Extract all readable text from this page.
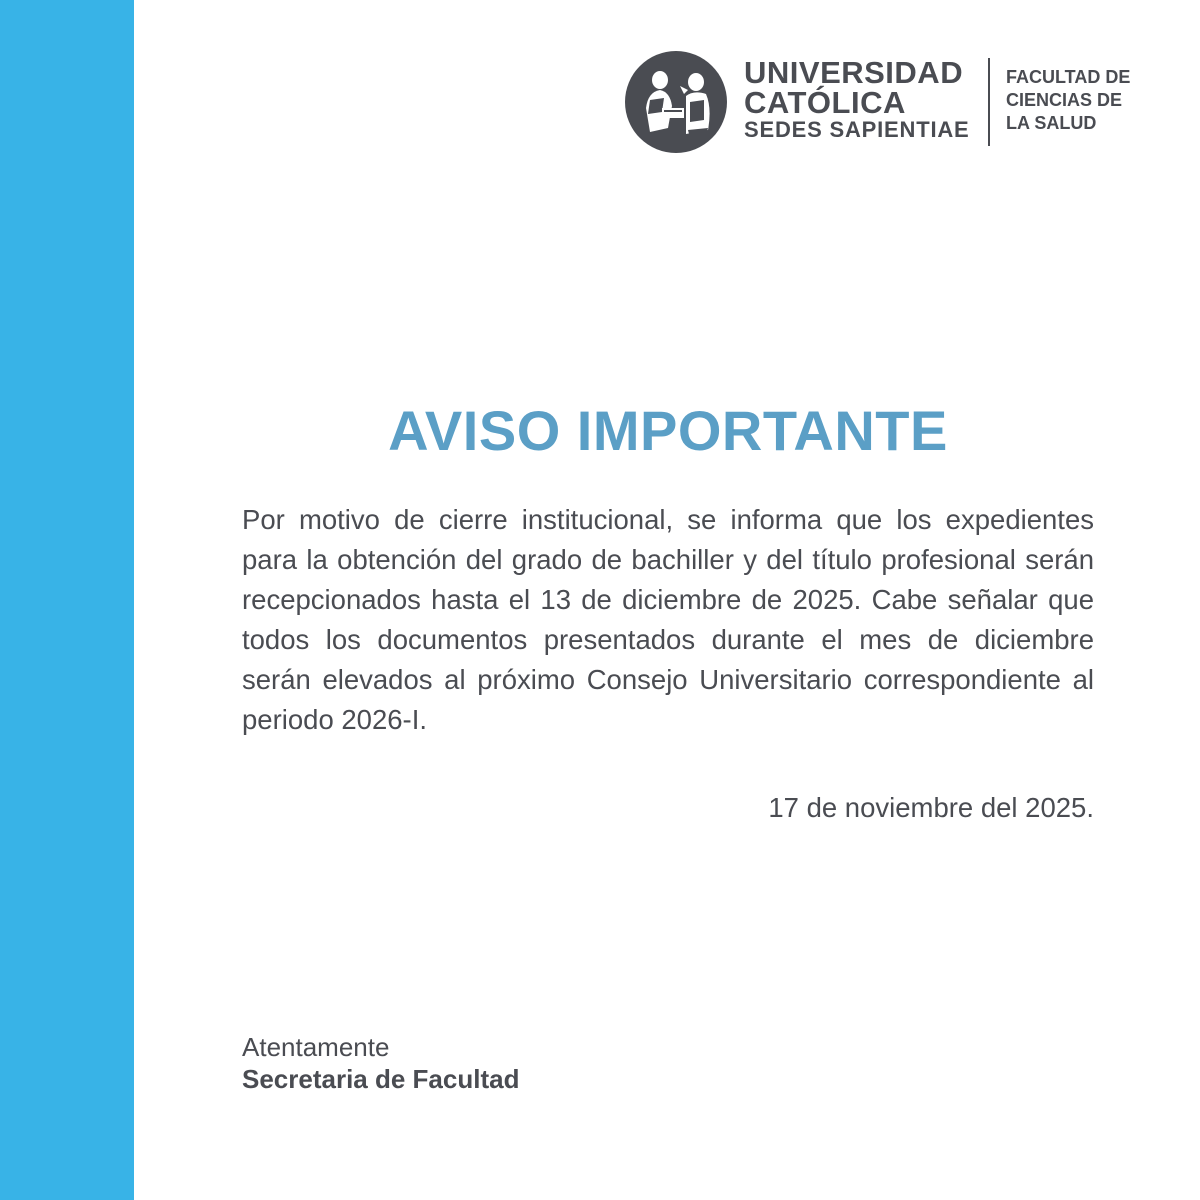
UNIVERSIDAD
CATÓLICA
SEDES SAPIENTIAE
FACULTAD DE
CIENCIAS DE
LA SALUD
AVISO IMPORTANTE

Por motivo de cierre institucional, se informa que los expedientes para la obtención del grado de bachiller y del título profesional serán recepcionados hasta el 13 de diciembre de 2025. Cabe señalar que todos los documentos presentados durante el mes de diciembre serán elevados al próximo Consejo Universitario correspondiente al periodo 2026-I.

17 de noviembre del 2025.

Atentamente
Secretaria de Facultad
